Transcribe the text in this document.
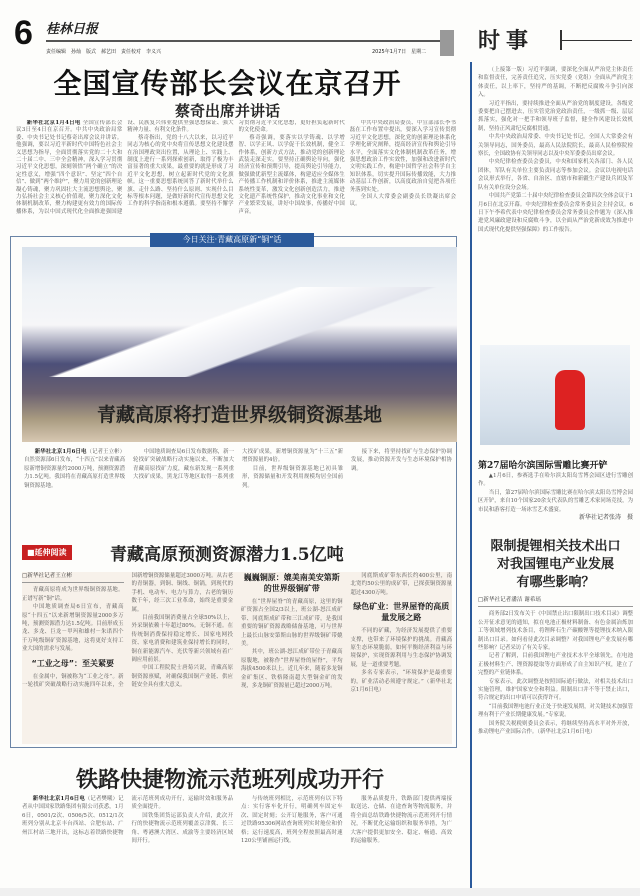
6 桂林日报
责任编辑　孙灿　版式　郝艺田　责任校对　李义兴	2025年1月7日　星期二 时事
全国宣传部长会议在京召开
蔡奇出席并讲话

新华社北京1月4日电 全国宣传部长会议3日至4日在京召开。中共中央政治局常委、中央书记处书记蔡奇出席会议并讲话。他强调，要以习近平新时代中国特色社会主义思想为指导，全面贯彻落实党的二十大和二十届二中、三中全会精神，深入学习贯彻习近平文化思想，深刻领悟“两个确立”的决定性意义，增强“四个意识”、坚定“四个自信”、做到“两个维护”，聚力用党的创新理论凝心铸魂，聚力巩固壮大主流思想舆论，聚力弘扬社会主义核心价值观，聚力深化文化体制机制改革，聚力构建更有效力的国际传播体系，为以中国式现代化全面推进强国建设、民族复兴伟业提供坚强思想保证、强大精神力量、有利文化条件。

蔡奇指出，党的十八大以来，以习近平同志为核心的党中央将宣传思想文化建设摆在治国理政突出位置，从理论上、实践上、制度上进行一系列探索创新，取得了极为丰富显著的重大成果，最重要的就是形成了习近平文化思想，树立起新时代党的文化旗帜。这一重要思想系统回答了新时代举什么旗、走什么路、坚持什么原则、实现什么目标等根本问题，是做好新时代宣传思想文化工作的科学指南和根本遵循。要坚持不懈学习贯彻习近平文化思想，更好担负起新时代的文化使命。

蔡奇强调，要落实以学铸魂、以学增智、以学正风、以学促干长效机制，健全工作体系，创新方式方法，推动党的创新理论武装走深走实。要坚持正确舆论导向，强化经济宣传和预期引导，提高舆论引导能力，做强做优新型主流媒体，构建适应全媒体生产传播工作机制和评价体系，推进主流媒体系统性变革，激发文化创新创造活力，推进文化遗产系统性保护，推动文化事业和文化产业繁荣发展，讲好中国故事，传播好中国声音。

中共中央政治局委员、中宣部部长李书磊在工作布置中提出，要深入学习宣传贯彻习近平文化思想，深化党的创新理论体系化学理化研究阐释，提高经济宣传和舆论引导水平，全面落实文化体制机制改革任务，增强思想政治工作实效性，加强和改进新时代文明实践工作，构建中国哲学社会科学自主知识体系，切实提升国际传播效能，大力推动基层工作创新，以高度政治自觉把各项任务落到实处。

全国人大常委会副委员长铁凝出席会议。

今日关注·青藏高原新“铜”话
青藏高原将打造世界级铜资源基地

新华社北京1月6日电（记者王立彬）自然资源部6日发布，“十四五”以来青藏高原新增铜资源量约2000万吨，预测资源潜力1.5亿吨。我国将在青藏高原打造世界级铜资源基地。

中国地质调查局6日发布数据称，新一轮找矿突破战略行动实施以来，不断加大青藏高原找矿力度，藏东新发现一系列重大找矿成果，黑龙江等地区取得一系列重大找矿成果，新增铜资源量为“十三五”新增资源量的4倍。

目前，世界级铜资源基地已初具雏形，资源储量和开发利用规模均居全国前列。

接下来，将坚持找矿与生态保护协调发展，推动资源开发与生态环境保护相协调。

■延伸阅读	青藏高原预测资源潜力1.5亿吨

□新华社记者王立彬

青藏高原将成为世界级铜资源基地。正谱写新“铜”话。

中国地质调查局6日宣布，青藏高原“十四五”以来新增铜资源量2000多万吨，预测资源潜力达1.5亿吨。目前形成玉龙、多龙、巨龙－甲玛和雄村－朱诺四个千万吨级铜矿资源基地，这将更好支持工业大国的需求与发展。

“工业之母”：至关紧要

在金属中，铜被称为“工业之母”。新一轮找矿突破战略行动实施四年以来，全国新增铜资源储量超过3000万吨。从古老的青铜器，到铜、铜线、铜锅，到现代的手机、电动车、电力与算力，古老的铜历数千年，经三次工业革命，始终是重要金属。

目前我国铜消费量占全球50%以上，外采铜依赖十年超过80%。无铜不通。在传统铜消费保持稳定增长、国家电网投资、家电消费和建筑业保持增长的同时，铜在新能源汽车、光伏等新兴领域有着广阔应用前景。

中国工程院院士唐菊兴说，青藏高原铜资源禀赋，对确保我国铜产业链、供应链安全具有重大意义。

巍巍铜原：媲美南美安第斯的世界级铜矿带

在“世界屋脊”的青藏高原，这里的铜矿资源占全国2/3以上，班公湖-怒江成矿带、冈底斯成矿带和三江成矿带，是我国重要的铜矿资源战略储备基地，可与世界上最长山脉安第斯山脉的世界级铜矿带媲美。

其中，班公湖-怒江成矿带位于青藏高原腹地，被称作“世界屋脊的屋脊”，平均海拔4500米以上。近几年来，随着多龙铜金矿集区、铁格隆南超大型铜金矿的发现，多龙铜矿资源量已超过2000万吨。

冈底斯成矿带东西长约400公里，南北宽约50公里的成矿带，已探获铜资源量超过4300万吨。

绿色矿业：世界屋脊的高质量发展之路

不同的矿藏，为经济发展提供了重要支撑，也带来了环境保护的挑战。青藏高原生态环境脆弱，如何平衡经济利益与环境保护，实现资源利用与生态保护协调发展，是一道重要考题。

多名专家表示，“环境保护是最重要的，矿业活动必须遵守规定。”（新华社北京1月6日电）

铁路快捷物流示范班列成功开行

新华社北京1月6日电（记者樊曦）记者从中国国家铁路集团有限公司获悉，1月6日，0501/2次、0506/5次、0512/1次班列分别从北京丰台西站、合肥东站、广州江村站三地开出，这标志着铁路快捷物流示范班列成功开行，运输时效和服务品质全面提升。

国铁集团货运部负责人介绍，此次开行的快捷物流示范班列覆盖京津冀、长三角、粤港澳大湾区、成渝等主要经济区域间开行。

与传统班列相比，示范班列有以下特点：实行客车化开行，明确列车固定车次、固定时刻；公开订舱服务，客户可通过铁路95306网站查询班列实时舱位和价格；运行速度高，班列全程按照最高时速120公里铺画运行线。

服务品质提升，铁路部门提供两端接取送达、仓储、在途查询等物流服务，并将全面总结铁路快捷物流示范班列开行情况，不断优化运输组织和服务举措，为广大客户提供更加安全、稳定、畅通、高效的运输服务。

（上接第一版）习近平强调，要深化全面从严治党主体责任和监督责任，完善责任追究，压实党委（党组）全面从严治党主体责任，以上率下，坚持严的基调，不断把反腐败斗争引向深入。

习近平指出，要持续推进全面从严治党的制度建设，各级党委要把自己摆进去，压实管党治党政治责任，一级抓一级、层层抓落实，强化对一把手和领导班子监督，健全作风建设长效机制，坚持正风肃纪反腐相贯通。

中共中央政治局常委、中央书记处书记，全国人大常委会有关领导同志，国务委员，最高人民法院院长，最高人民检察院检察长，全国政协有关领导同志以及中央军委委员出席会议。

中央纪律检查委员会委员，中央和国家机关各部门、各人民团体，军队有关单位主要负责同志等参加会议。会议以电视电话会议形式举行，各省、自治区、直辖市和新疆生产建设兵团及军队有关单位设分会场。

中国共产党第二十届中央纪律检查委员会第四次全体会议于1月6日在北京开幕。中央纪律检查委员会常务委员会主持会议。6日下午李希代表中央纪律检查委员会常务委员会作题为《深入推进党风廉政建设和反腐败斗争，以全面从严治党新成效为推进中国式现代化提供坚强保障》的工作报告。

第27届哈尔滨国际雪雕比赛开铲

▲1月6日，参赛选手在哈尔滨太阳岛雪博会园区进行雪雕创作。

当日，第27届哈尔滨国际雪雕比赛在哈尔滨太阳岛雪博会园区开铲，来自10个国家20余支代表队的雪雕艺术家同场竞技，为市民和游客打造一场冰雪艺术盛宴。

新华社记者张涛　摄

限制提锂相关技术出口
对我国锂电产业发展
有哪些影响？

□新华社记者潘洁 谢希瑶

商务部2日发布关于《中国禁止出口限制出口技术目录》调整公开征求意见的通知，拟在电池正极材料制备、有色金属冶炼加工等领域增列技术条目，将锂辉石生产碳酸锂等提锂技术纳入限制出口目录。如何看待此次目录调整？对我国锂电产业发展有哪些影响？记者采访了有关专家。

记者了解到，目前我国锂电产业技术水平全球领先，在电池正极材料生产、锂资源提取等方面形成了自主知识产权，建立了完整的产业链体系。

专家表示，此次调整是按照国际通行做法，对相关技术出口实施管理，维护国家安全和利益。限制出口并不等于禁止出口，符合规定的出口申请可以获得许可。

“目前我国锂电池行业正处于快速发展期，对关键技术加强管理有利于产业长期健康发展。”专家说。

国务院关税税则委员会表示，将继续坚持高水平对外开放，推动锂电产业国际合作。（新华社北京1月6日电）
